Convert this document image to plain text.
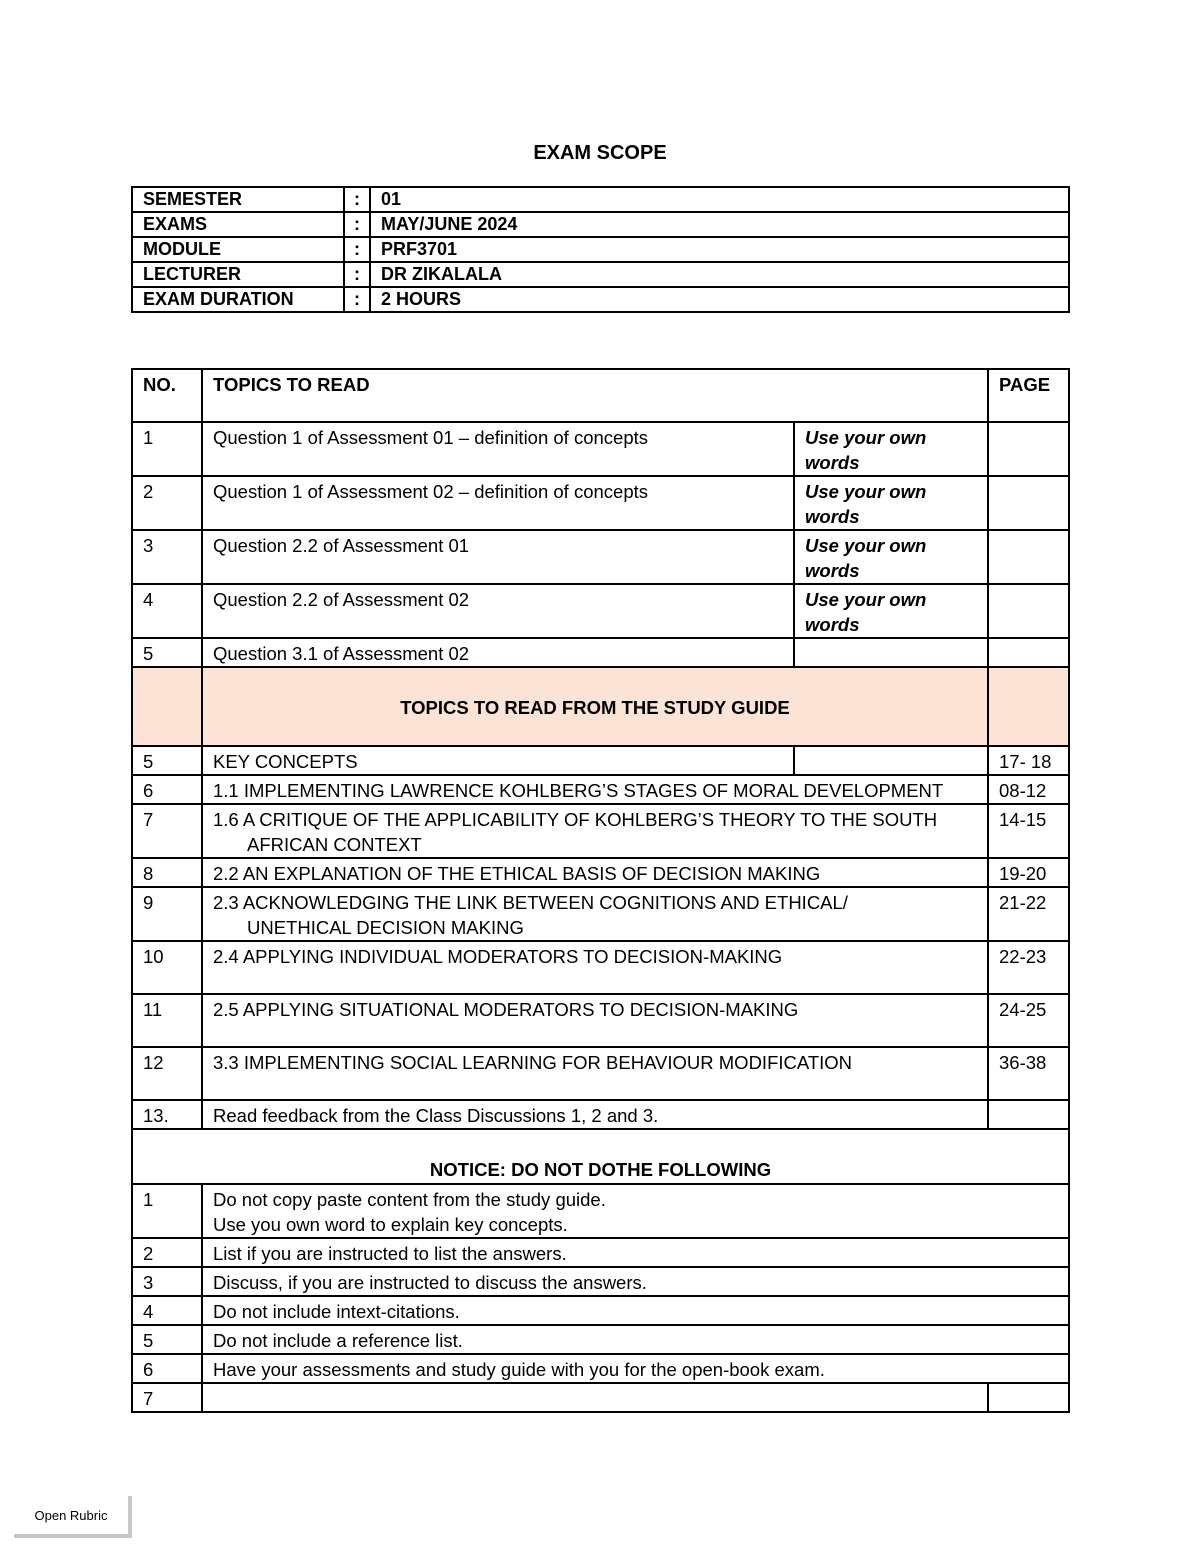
EXAM SCOPE
SEMESTER	:	01
EXAMS	:	MAY/JUNE 2024
MODULE	:	PRF3701
LECTURER	:	DR ZIKALALA
EXAM DURATION	:	2 HOURS
NO.	TOPICS TO READ		PAGE
1	Question 1 of Assessment 01 – definition of concepts	Use your own words	
2	Question 1 of Assessment 02 – definition of concepts	Use your own words	
3	Question 2.2 of Assessment 01	Use your own words	
4	Question 2.2 of Assessment 02	Use your own words	
5	Question 3.1 of Assessment 02		
	TOPICS TO READ FROM THE STUDY GUIDE		
5	KEY CONCEPTS		17- 18
6	1.1 IMPLEMENTING LAWRENCE KOHLBERG’S STAGES OF MORAL DEVELOPMENT		08-12
7	1.6 A CRITIQUE OF THE APPLICABILITY OF KOHLBERG’S THEORY TO THE SOUTH
AFRICAN CONTEXT		14-15
8	2.2 AN EXPLANATION OF THE ETHICAL BASIS OF DECISION MAKING		19-20
9	2.3 ACKNOWLEDGING THE LINK BETWEEN COGNITIONS AND ETHICAL/
UNETHICAL DECISION MAKING		21-22
10	2.4 APPLYING INDIVIDUAL MODERATORS TO DECISION-MAKING		22-23
11	2.5 APPLYING SITUATIONAL MODERATORS TO DECISION-MAKING		24-25
12	3.3 IMPLEMENTING SOCIAL LEARNING FOR BEHAVIOUR MODIFICATION		36-38
13.	Read feedback from the Class Discussions 1, 2 and 3.		
NOTICE: DO NOT DOTHE FOLLOWING			
1	Do not copy paste content from the study guide.
Use you own word to explain key concepts.		
2	List if you are instructed to list the answers.		
3	Discuss, if you are instructed to discuss the answers.		
4	Do not include intext-citations.		
5	Do not include a reference list.		
6	Have your assessments and study guide with you for the open-book exam.		
7			
Open Rubric
